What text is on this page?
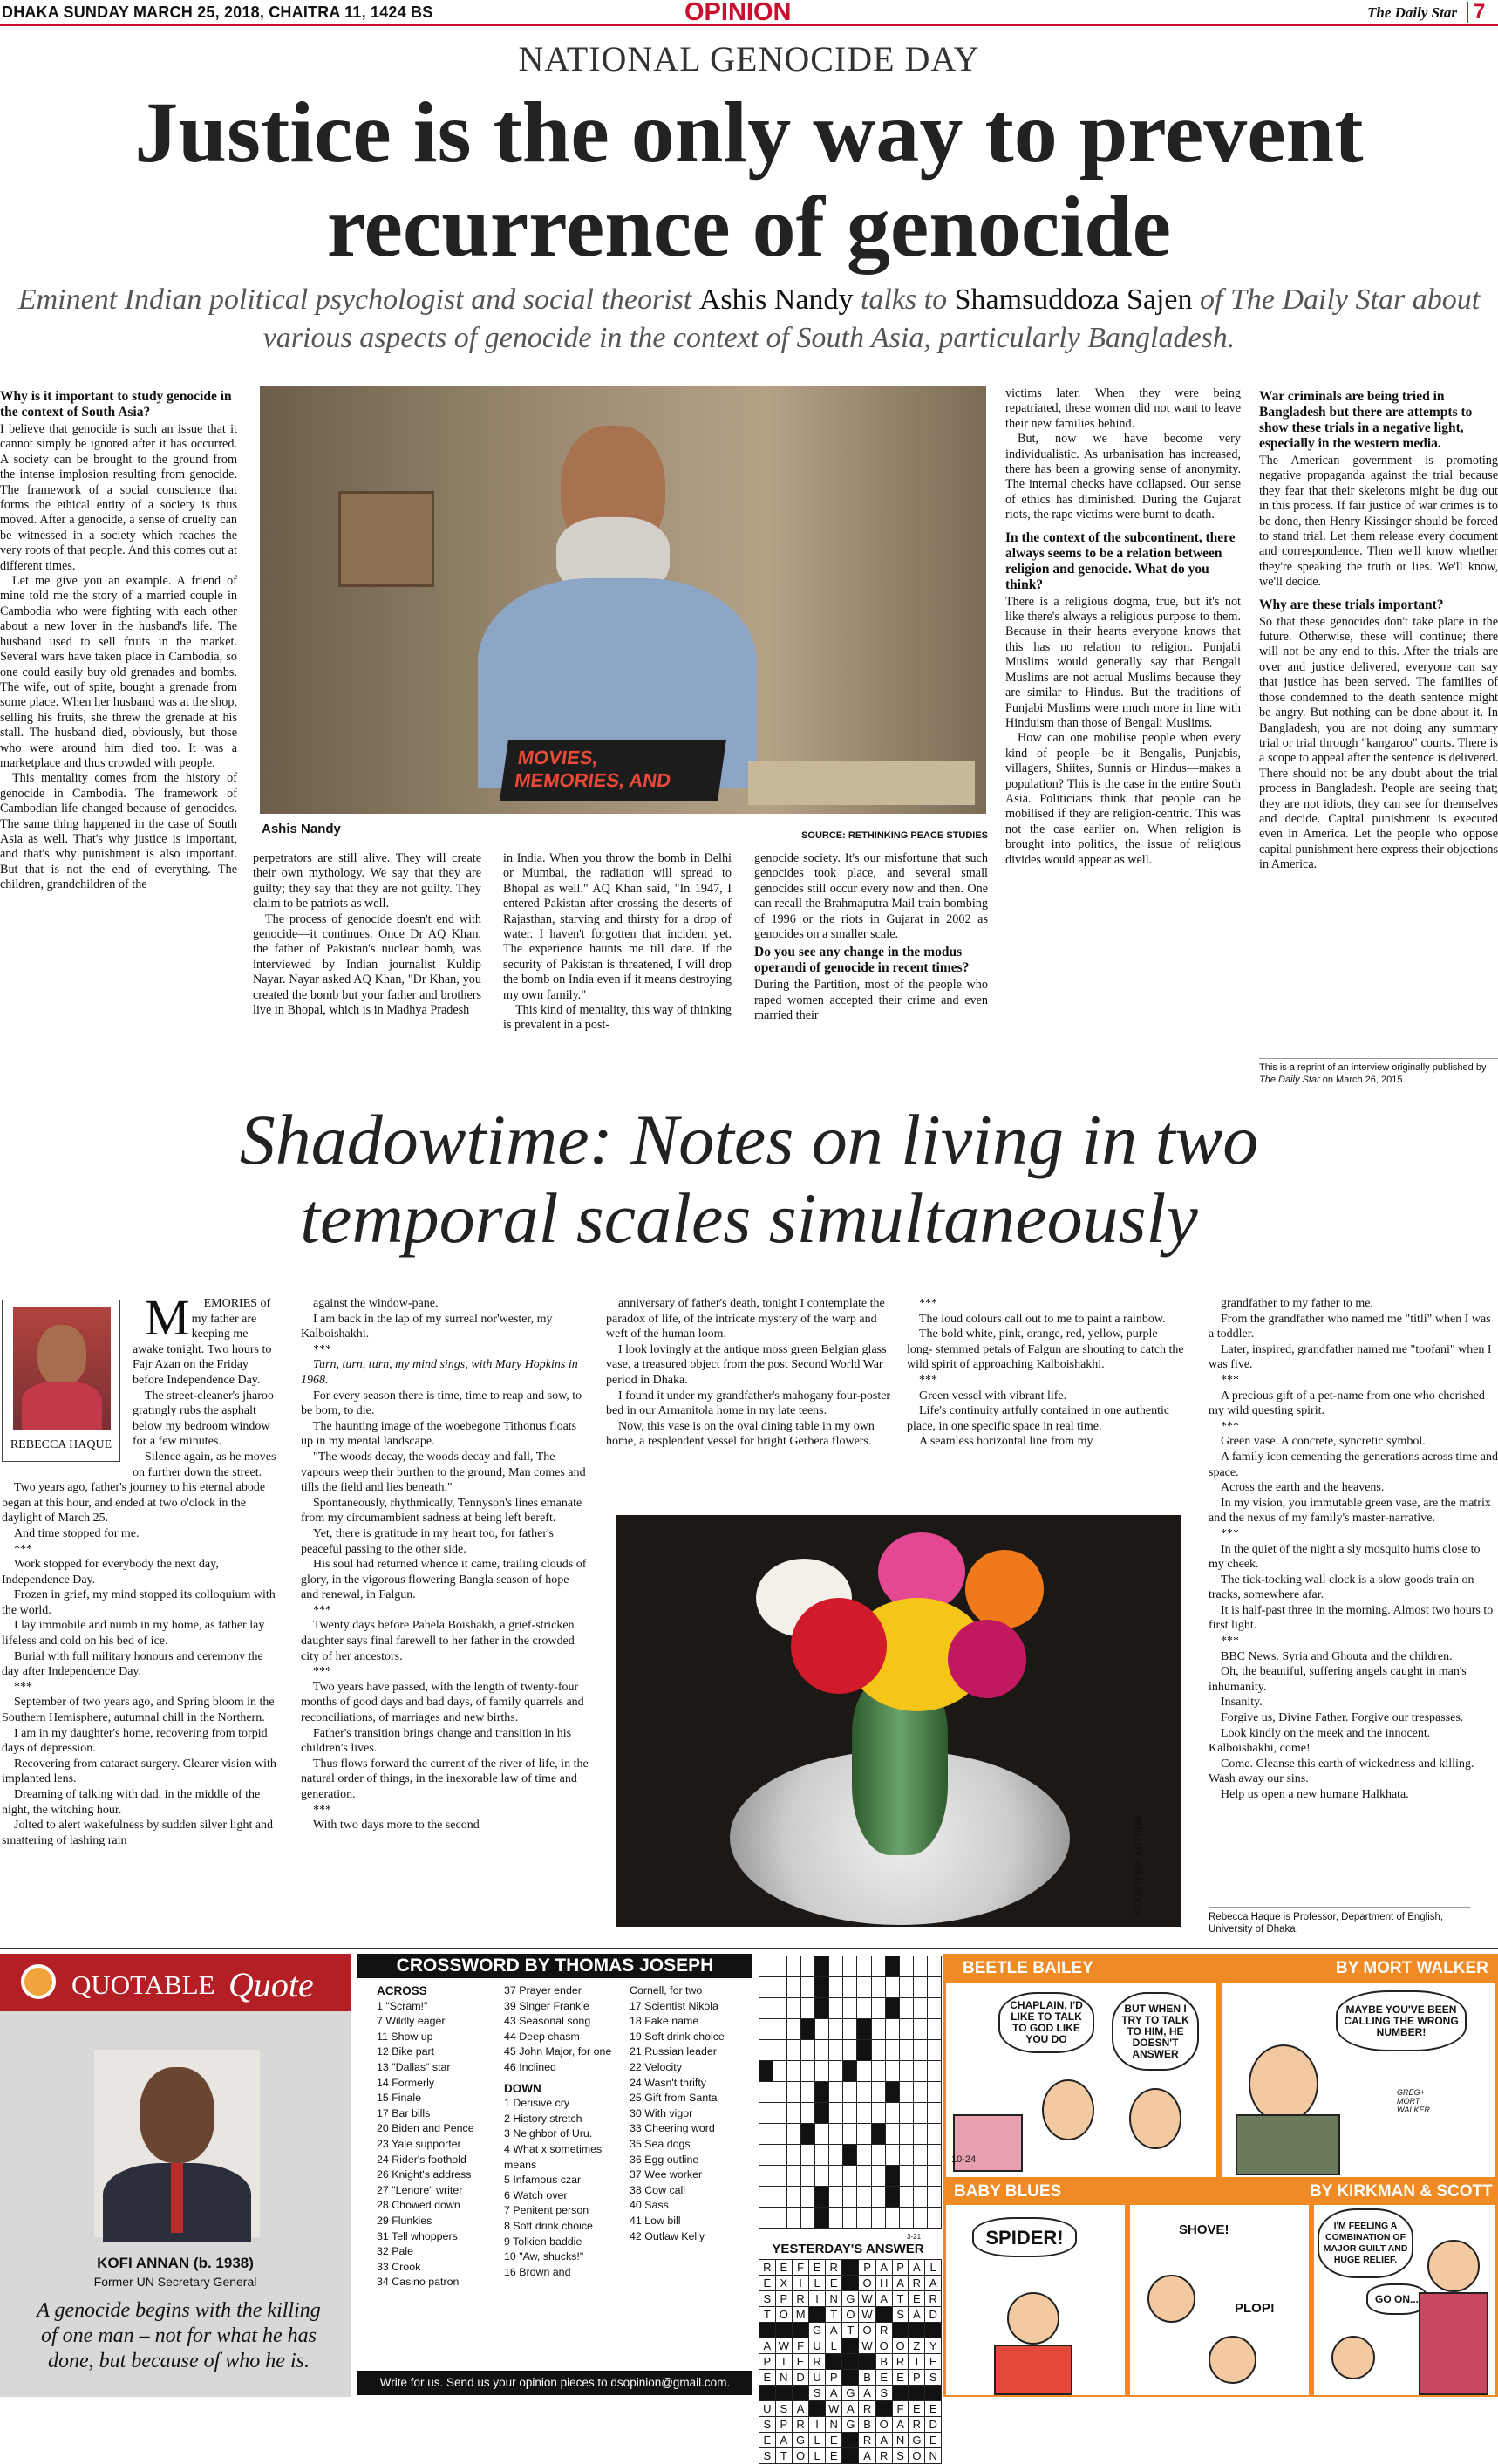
DHAKA SUNDAY MARCH 25, 2018, CHAITRA 11, 1424 BS	OPINION	The Daily Star 7
NATIONAL GENOCIDE DAY
Justice is the only way to prevent
recurrence of genocide
Eminent Indian political psychologist and social theorist Ashis Nandy talks to Shamsuddoza Sajen of The Daily Star about various aspects of genocide in the context of South Asia, particularly Bangladesh.
MOVIES, MEMORIES, AND
Ashis Nandy	SOURCE: RETHINKING PEACE STUDIES
Why is it important to study genocide in the context of South Asia?

I believe that genocide is such an issue that it cannot simply be ignored after it has occurred. A society can be brought to the ground from the intense implosion resulting from genocide. The framework of a social conscience that forms the ethical entity of a society is thus moved. After a genocide, a sense of cruelty can be witnessed in a society which reaches the very roots of that people. And this comes out at different times.

Let me give you an example. A friend of mine told me the story of a married couple in Cambodia who were fighting with each other about a new lover in the husband's life. The husband used to sell fruits in the market. Several wars have taken place in Cambodia, so one could easily buy old grenades and bombs. The wife, out of spite, bought a grenade from some place. When her husband was at the shop, selling his fruits, she threw the grenade at his stall. The husband died, obviously, but those who were around him died too. It was a marketplace and thus crowded with people.

This mentality comes from the history of genocide in Cambodia. The framework of Cambodian life changed because of genocides. The same thing happened in the case of South Asia as well. That's why justice is important, and that's why punishment is also important. But that is not the end of everything. The children, grandchildren of the

perpetrators are still alive. They will create their own mythology. We say that they are guilty; they say that they are not guilty. They claim to be patriots as well.

The process of genocide doesn't end with genocide—it continues. Once Dr AQ Khan, the father of Pakistan's nuclear bomb, was interviewed by Indian journalist Kuldip Nayar. Nayar asked AQ Khan, "Dr Khan, you created the bomb but your father and brothers live in Bhopal, which is in Madhya Pradesh

in India. When you throw the bomb in Delhi or Mumbai, the radiation will spread to Bhopal as well." AQ Khan said, "In 1947, I entered Pakistan after crossing the deserts of Rajasthan, starving and thirsty for a drop of water. I haven't forgotten that incident yet. The experience haunts me till date. If the security of Pakistan is threatened, I will drop the bomb on India even if it means destroying my own family."

This kind of mentality, this way of thinking is prevalent in a post-

genocide society. It's our misfortune that such genocides took place, and several small genocides still occur every now and then. One can recall the Brahmaputra Mail train bombing of 1996 or the riots in Gujarat in 2002 as genocides on a smaller scale.

Do you see any change in the modus operandi of genocide in recent times?

During the Partition, most of the people who raped women accepted their crime and even married their

victims later. When they were being repatriated, these women did not want to leave their new families behind.

But, now we have become very individualistic. As urbanisation has increased, there has been a growing sense of anonymity. The internal checks have collapsed. Our sense of ethics has diminished. During the Gujarat riots, the rape victims were burnt to death.

In the context of the subcontinent, there always seems to be a relation between religion and genocide. What do you think?

There is a religious dogma, true, but it's not like there's always a religious purpose to them. Because in their hearts everyone knows that this has no relation to religion. Punjabi Muslims would generally say that Bengali Muslims are not actual Muslims because they are similar to Hindus. But the traditions of Punjabi Muslims were much more in line with Hinduism than those of Bengali Muslims.

How can one mobilise people when every kind of people—be it Bengalis, Punjabis, villagers, Shiites, Sunnis or Hindus—makes a population? This is the case in the entire South Asia. Politicians think that people can be mobilised if they are religion-centric. This was not the case earlier on. When religion is brought into politics, the issue of religious divides would appear as well.

War criminals are being tried in Bangladesh but there are attempts to show these trials in a negative light, especially in the western media.

The American government is promoting negative propaganda against the trial because they fear that their skeletons might be dug out in this process. If fair justice of war crimes is to be done, then Henry Kissinger should be forced to stand trial. Let them release every document and correspondence. Then we'll know whether they're speaking the truth or lies. We'll know, we'll decide.

Why are these trials important?

So that these genocides don't take place in the future. Otherwise, these will continue; there will not be any end to this. After the trials are over and justice delivered, everyone can say that justice has been served. The families of those condemned to the death sentence might be angry. But nothing can be done about it. In Bangladesh, you are not doing any summary trial or trial through "kangaroo" courts. There is a scope to appeal after the sentence is delivered. There should not be any doubt about the trial process in Bangladesh. People are seeing that; they are not idiots, they can see for themselves and decide. Capital punishment is executed even in America. Let the people who oppose capital punishment here express their objections in America.

This is a reprint of an interview originally published by The Daily Star on March 26, 2015.
Shadowtime: Notes on living in two
temporal scales simultaneously
REBECCA HAQUE

M EMORIES of my father are keeping me awake tonight. Two hours to Fajr Azan on the Friday before Independence Day.

The street-cleaner's jharoo gratingly rubs the asphalt below my bedroom window for a few minutes.

Silence again, as he moves on further down the street.

Two years ago, father's journey to his eternal abode began at this hour, and ended at two o'clock in the daylight of March 25.

And time stopped for me.

***

Work stopped for everybody the next day, Independence Day.

Frozen in grief, my mind stopped its colloquium with the world.

I lay immobile and numb in my home, as father lay lifeless and cold on his bed of ice.

Burial with full military honours and ceremony the day after Independence Day.

***

September of two years ago, and Spring bloom in the Southern Hemisphere, autumnal chill in the Northern.

I am in my daughter's home, recovering from torpid days of depression.

Recovering from cataract surgery. Clearer vision with implanted lens.

Dreaming of talking with dad, in the middle of the night, the witching hour.

Jolted to alert wakefulness by sudden silver light and smattering of lashing rain

against the window-pane.

I am back in the lap of my surreal nor'wester, my Kalboishakhi.

***

Turn, turn, turn, my mind sings, with Mary Hopkins in 1968.

For every season there is time, time to reap and sow, to be born, to die.

The haunting image of the woebegone Tithonus floats up in my mental landscape.

"The woods decay, the woods decay and fall, The vapours weep their burthen to the ground, Man comes and tills the field and lies beneath."

Spontaneously, rhythmically, Tennyson's lines emanate from my circumambient sadness at being left bereft.

Yet, there is gratitude in my heart too, for father's peaceful passing to the other side.

His soul had returned whence it came, trailing clouds of glory, in the vigorous flowering Bangla season of hope and renewal, in Falgun.

***

Twenty days before Pahela Boishakh, a grief-stricken daughter says final farewell to her father in the crowded city of her ancestors.

***

Two years have passed, with the length of twenty-four months of good days and bad days, of family quarrels and reconciliations, of marriages and new births.

Father's transition brings change and transition in his children's lives.

Thus flows forward the current of the river of life, in the natural order of things, in the inexorable law of time and generation.

***

With two days more to the second

anniversary of father's death, tonight I contemplate the paradox of life, of the intricate mystery of the warp and weft of the human loom.

I look lovingly at the antique moss green Belgian glass vase, a treasured object from the post Second World War period in Dhaka.

I found it under my grandfather's mahogany four-poster bed in our Armanitola home in my late teens.

Now, this vase is on the oval dining table in my own home, a resplendent vessel for bright Gerbera flowers.

***

The loud colours call out to me to paint a rainbow.

The bold white, pink, orange, red, yellow, purple long- stemmed petals of Falgun are shouting to catch the wild spirit of approaching Kalboishakhi.

***

Green vessel with vibrant life.

Life's continuity artfully contained in one authentic place, in one specific space in real time.

A seamless horizontal line from my

COURTESY: AUTHOR

grandfather to my father to me.

From the grandfather who named me "titli" when I was a toddler.

Later, inspired, grandfather named me "toofani" when I was five.

***

A precious gift of a pet-name from one who cherished my wild questing spirit.

***

Green vase. A concrete, syncretic symbol.

A family icon cementing the generations across time and space.

Across the earth and the heavens.

In my vision, you immutable green vase, are the matrix and the nexus of my family's master-narrative.

***

In the quiet of the night a sly mosquito hums close to my cheek.

The tick-tocking wall clock is a slow goods train on tracks, somewhere afar.

It is half-past three in the morning. Almost two hours to first light.

***

BBC News. Syria and Ghouta and the children.

Oh, the beautiful, suffering angels caught in man's inhumanity.

Insanity.

Forgive us, Divine Father. Forgive our trespasses.

Look kindly on the meek and the innocent. Kalboishakhi, come!

Come. Cleanse this earth of wickedness and killing. Wash away our sins.

Help us open a new humane Halkhata.

Rebecca Haque is Professor, Department of English, University of Dhaka.
QUOTABLE Quote
KOFI ANNAN (b. 1938)
Former UN Secretary General
A genocide begins with the killing of one man – not for what he has done, but because of who he is.
CROSSWORD BY THOMAS JOSEPH
ACROSS
1 "Scram!"
7 Wildly eager
11 Show up
12 Bike part
13 "Dallas" star
14 Formerly
15 Finale
17 Bar bills
20 Biden and Pence
23 Yale supporter
24 Rider's foothold
26 Knight's address
27 "Lenore" writer
28 Chowed down
29 Flunkies
31 Tell whoppers
32 Pale
33 Crook
34 Casino patron
37 Prayer ender
39 Singer Frankie
43 Seasonal song
44 Deep chasm
45 John Major, for one
46 Inclined
DOWN
1 Derisive cry
2 History stretch
3 Neighbor of Uru.
4 What x sometimes means
5 Infamous czar
6 Watch over
7 Penitent person
8 Soft drink choice
9 Tolkien baddie
10 "Aw, shucks!"
16 Brown and
Cornell, for two
17 Scientist Nikola
18 Fake name
19 Soft drink choice
21 Russian leader
22 Velocity
24 Wasn't thrifty
25 Gift from Santa
30 With vigor
33 Cheering word
35 Sea dogs
36 Egg outline
37 Wee worker
38 Cow call
40 Sass
41 Low bill
42 Outlaw Kelly

													3-21
YESTERDAY'S ANSWER
R	E	F	E	R		P	A	P	A	L
E	X	I	L	E		O	H	A	R	A
S	P	R	I	N	G	W	A	T	E	R
T	O	M		T	O	W		S	A	D
			G	A	T	O	R			
A	W	F	U	L		W	O	O	Z	Y
P	I	E	R				B	R	I	E
E	N	D	U	P		B	E	E	P	S
			S	A	G	A	S			
U	S	A		W	A	R		F	E	E
S	P	R	I	N	G	B	O	A	R	D
E	A	G	L	E		R	A	N	G	E
S	T	O	L	E		A	R	S	O	N
Write for us. Send us your opinion pieces to dsopinion@gmail.com.
BEETLE BAILEY	BY MORT WALKER
CHAPLAIN, I'D LIKE TO TALK TO GOD LIKE YOU DO
BUT WHEN I TRY TO TALK TO HIM, HE DOESN'T ANSWER
10-24
MAYBE YOU'VE BEEN CALLING THE WRONG NUMBER!
GREG+ MORT WALKER
BABY BLUES	BY KIRKMAN & SCOTT
SPIDER!	SHOVE!
PLOP!
I'M FEELING A COMBINATION OF MAJOR GUILT AND HUGE RELIEF.
GO ON...
